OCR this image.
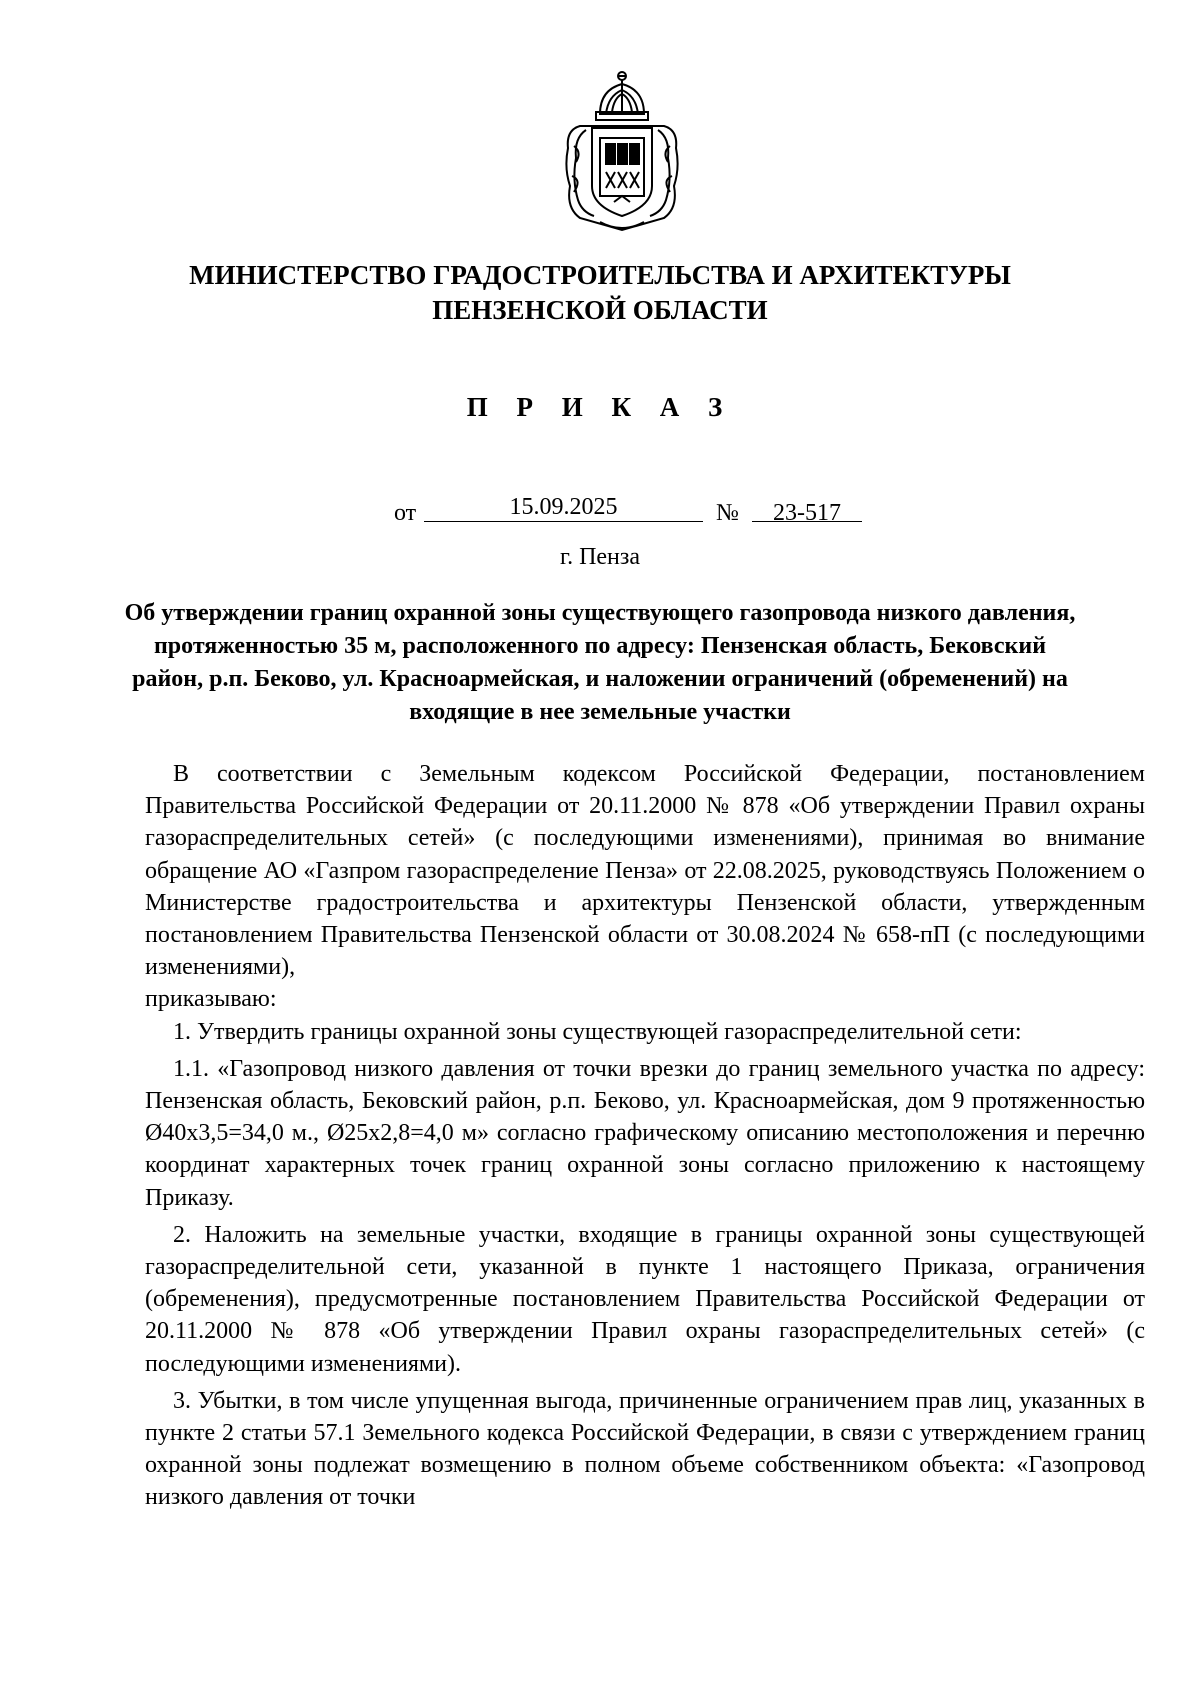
МИНИСТЕРСТВО ГРАДОСТРОИТЕЛЬСТВА И АРХИТЕКТУРЫ ПЕНЗЕНСКОЙ ОБЛАСТИ
П Р И К А З
от	15.09.2025	№	23-517
г. Пенза
Об утверждении границ охранной зоны существующего газопровода низкого давления, протяженностью 35 м, расположенного по адресу: Пензенская область, Бековский район, р.п. Беково, ул. Красноармейская, и наложении ограничений (обременений) на входящие в нее земельные участки

В соответствии с Земельным кодексом Российской Федерации, постановлением Правительства Российской Федерации от 20.11.2000 № 878 «Об утверждении Правил охраны газораспределительных сетей» (с последующими изменениями), принимая во внимание обращение АО «Газпром газораспределение Пенза» от 22.08.2025, руководствуясь Положением о Министерстве градостроительства и архитектуры Пензенской области, утвержденным постановлением Правительства Пензенской области от 30.08.2024 № 658-пП (с последующими изменениями),

приказываю:

1. Утвердить границы охранной зоны существующей газораспределительной сети:

1.1. «Газопровод низкого давления от точки врезки до границ земельного участка по адресу: Пензенская область, Бековский район, р.п. Беково, ул. Красноармейская, дом 9 протяженностью Ø40x3,5=34,0 м., Ø25x2,8=4,0 м» согласно графическому описанию местоположения и перечню координат характерных точек границ охранной зоны согласно приложению к настоящему Приказу.

2. Наложить на земельные участки, входящие в границы охранной зоны существующей газораспределительной сети, указанной в пункте 1 настоящего Приказа, ограничения (обременения), предусмотренные постановлением Правительства Российской Федерации от 20.11.2000 № 878 «Об утверждении Правил охраны газораспределительных сетей» (с последующими изменениями).

3. Убытки, в том числе упущенная выгода, причиненные ограничением прав лиц, указанных в пункте 2 статьи 57.1 Земельного кодекса Российской Федерации, в связи с утверждением границ охранной зоны подлежат возмещению в полном объеме собственником объекта: «Газопровод низкого давления от точки
